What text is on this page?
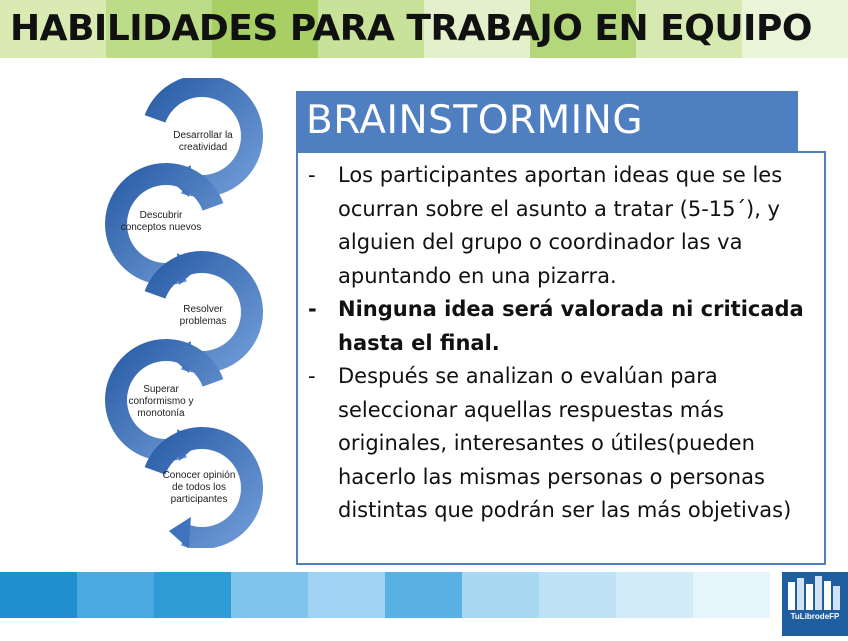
HABILIDADES PARA TRABAJO EN EQUIPO
Desarrollar la creatividad
Descubrir conceptos nuevos
Resolver problemas
Superar conformismo y monotonía
Conocer opinión de todos los participantes
BRAINSTORMING
- Los participantes aportan ideas que se les ocurran sobre el asunto a tratar (5-15´), y alguien del grupo o coordinador las va apuntando en una pizarra.
- Ninguna idea será valorada ni criticada hasta el final.
- Después se analizan o evalúan para seleccionar aquellas respuestas más originales, interesantes o útiles(pueden hacerlo las mismas personas o personas distintas que podrán ser las más objetivas)
TuLibrodeFP
